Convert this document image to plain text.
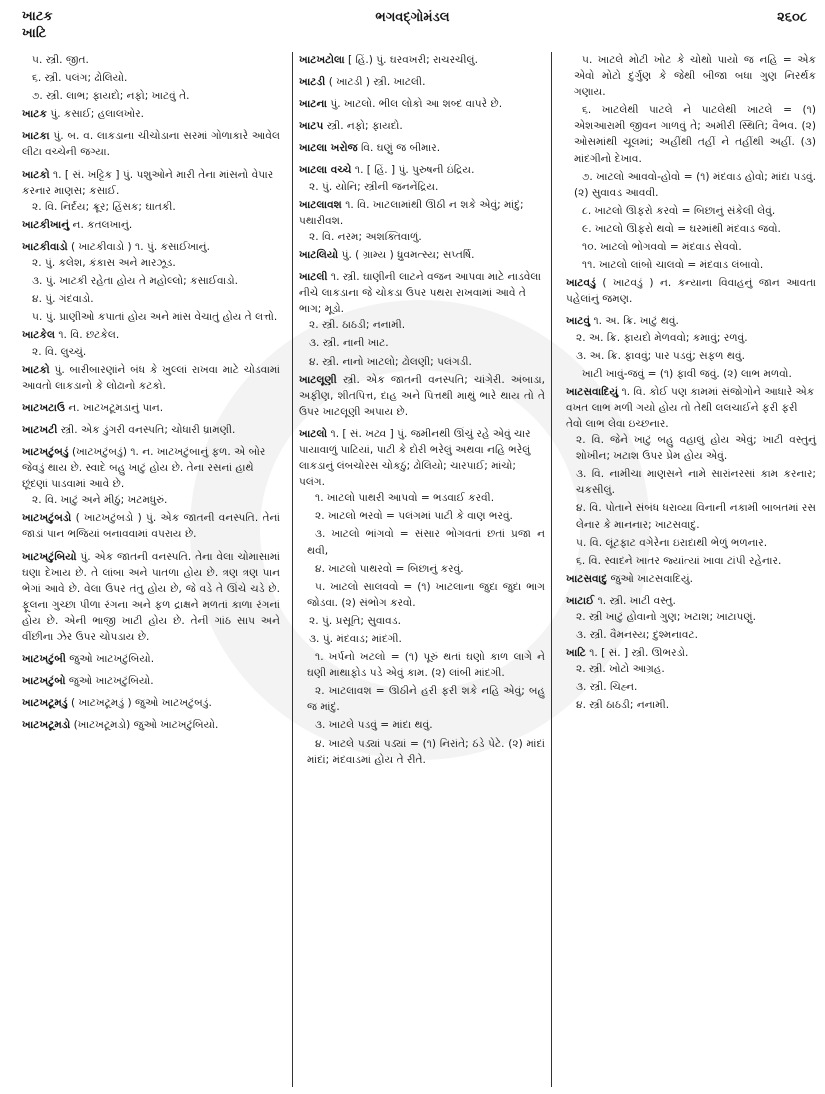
ખાટક
ખાટિ
ભગવદ્ગોમંડલ	૨૬૦૮
૫. સ્ત્રી. જીત.
૬. સ્ત્રી. પલંગ; ઢોલિયો.
૭. સ્ત્રી. લાભ; ફાયદો; નફો; ખાટવું તે.
ખાટક પું. કસાઈ; હલાલખોર.
ખાટકા પું. બ. વ. લાકડાના ચીચોડાના સરમાં ગોળાકારે આવેલ લીટા વચ્ચેની જગ્યા.
ખાટકો ૧. [ સં. ખટ્ટિક ] પું. પશુઓને મારી તેના માંસનો વેપાર કરનાર માણસ; કસાઈ.
૨. વિ. નિર્દય; ક્રૂર; હિંસક; ઘાતકી.
ખાટકીખાનું ન. કતલખાનું.
ખાટકીવાડો ( ખાટકીવાડો ) ૧. પું. કસાઈખાનું.
૨. પું. કલેશ, કંકાસ અને મારઝૂડ.
૩. પું. ખાટકી રહેતા હોય તે મહોલ્લો; કસાઈવાડો.
૪. પું. ગંદવાડો.
૫. પું. પ્રાણીઓ કપાતાં હોય અને માંસ વેચાતું હોય તે લત્તો.
ખાટકેલ ૧. વિ. છટકેલ.
૨. વિ. લુચ્ચું.
ખાટકો પું. બારીબારણાંને બંધ કે ખુલ્લાં રાખવા માટે ચોડવામાં આવતો લાકડાનો કે લોઢાનો કટકો.
ખાટખટાઉ ન. ખાટખટૂમડાનું પાન.
ખાટખટી સ્ત્રી. એક ડુંગરી વનસ્પતિ; ચોધારી ધ્રામણી.
ખાટખટુંબડું (ખાટખટુંબડું) ૧. ન. ખાટખટુંબાનું ફળ. એ બોર જેવડું થાય છે. સ્વાદે બહુ ખાટું હોય છે. તેના રસનાં હાથે છૂંદણાં પાડવામાં આવે છે.
૨. વિ. ખાટું અને મીઠું; ખટમધુરું.
ખાટખટુંબડો ( ખાટખટુંબડો ) પું. એક જાતની વનસ્પતિ. તેનાં જાડાં પાન ભજિયાં બનાવવામાં વપરાય છે.
ખાટખટુંબિયો પું. એક જાતની વનસ્પતિ. તેના વેલા ચોમાસામાં ઘણા દેખાય છે. તે લાંબા અને પાતળા હોય છે. ત્રણ ત્રણ પાન ભેગાં આવે છે. વેલા ઉપર તંતુ હોય છે, જે વડે તે ઊંચે ચડે છે. ફૂલના ગુચ્છા પીળા રંગના અને ફળ દ્રાક્ષને મળતાં કાળા રંગનાં હોય છે. એની ભાજી ખાટી હોય છે. તેની ગાંઠ સાપ અને વીંછીના ઝેર ઉપર ચોપડાય છે.
ખાટખટુંબી જુઓ ખાટખટુંબિયો.
ખાટખટુંબો જુઓ ખાટખટુંબિયો.
ખાટખટૂમડું ( ખાટખટૂમડું ) જુઓ ખાટખટુંબડું.
ખાટખટૂમડો (ખાટખટૂમડો) જુઓ ખાટખટુંબિયો.
ખાટખટોલા [ હિં.) પું. ઘરવખરી; રાચરચીલું.
ખાટડી ( ખાટડી ) સ્ત્રી. ખાટલી.
ખાટના પું. ખાટલો. ભીલ લોકો આ શબ્દ વાપરે છે.
ખાટપ સ્ત્રી. નફો; ફાયદો.
ખાટલા ખરોજ વિ. ઘણું જ બીમાર.
ખાટલા વચ્ચે ૧. [ હિં. ] પું. પુરુષની ઇંદ્રિય.
૨. પું. યોનિ; સ્ત્રીની જનનેંદ્રિય.
ખાટલાવશ ૧. વિ. ખાટલામાંથી ઊઠી ન શકે એવું; માંદું; પથારીવશ.
૨. વિ. નરમ; અશક્તિવાળું.
ખાટલિયો પું. ( ગ્રામ્ય ) ધ્રુવમત્સ્ય; સપ્તર્ષિ.
ખાટલી ૧. સ્ત્રી. ઘાણીની લાટને વજન આપવા માટે નાડવેલા નીચે લાકડાના જે ચોકડા ઉપર પથરા રાખવામાં આવે તે ભાગ; મૂડો.
૨. સ્ત્રી. ઠાઠડી; નનામી.
૩. સ્ત્રી. નાની ખાટ.
૪. સ્ત્રી. નાનો ખાટલો; ઢોલણી; પલંગડી.
ખાટલૂણી સ્ત્રી. એક જાતની વનસ્પતિ; ચાંગેરી. અંબાડા, અફીણ, શીતપિત્ત, દાહ અને પિત્તથી માથું ભારે થાય તો તે ઉપર ખાટલૂણી અપાય છે.
ખાટલો ૧. [ સં. ખટ્વ ] પું. જમીનથી ઊંચું રહે એવું ચાર પાયાવાળું પાટિયાં, પાટી કે દોરી ભરેલું અથવા નહિ ભરેલું લાકડાનું લંબચોરસ ચોકઠું; ઢોલિયો; ચારપાઈ; માંચો; પલંગ.
૧. ખાટલો પાથરી આપવો = ભડવાઈ કરવી.
૨. ખાટલો ભરવો = પલંગમાં પાટી કે વાણ ભરવું.
૩. ખાટલો ભાંગવો = સંસાર ભોગવતાં છતાં પ્રજા ન થવી,
૪. ખાટલો પાથરવો = બિછાનું કરવું.
૫. ખાટલો સાલવવો = (૧) ખાટલાના જુદા જુદા ભાગ જોડવા. (૨) સંભોગ કરવો.
૨. પું. પ્રસૂતિ; સુવાવડ.
૩. પું. મંદવાડ; માંદગી.
૧. ખર્પનો ખટલો = (૧) પૂરું થતાં ઘણો કાળ લાગે ને ઘણી માથાફોડ પડે એવું કામ. (૨) લાંબી માંદગી.
૨. ખાટલાવશ = ઊઠીને હરી ફરી શકે નહિ એવું; બહુ જ માંદું.
૩. ખાટલે પડવું = માંદા થવું.
૪. ખાટલે પડ્યાં પડ્યાં = (૧) નિરાંતે; ઠંડે પેટે. (૨) માંદાં માંદાં; મંદવાડમાં હોય તે રીતે.
૫. ખાટલે મોટી ખોટ કે ચોથો પાયો જ નહિ = એક એવો મોટો દુર્ગુણ કે જેથી બીજા બધા ગુણ નિરર્થક ગણાય.
૬. ખાટલેથી પાટલે ને પાટલેથી ખાટલે = (૧) એશઆરામી જીવન ગાળવું તે; અમીરી સ્થિતિ; વૈભવ. (૨) ઓસમાંથી ચૂલમાં; અહીંથી તહીં ને તહીંથી અહીં. (૩) માંદગીનો દેખાવ.
૭. ખાટલો આવવો-હોવો = (૧) મંદવાડ હોવો; માંદા પડવું. (૨) સુવાવડ આવવી.
૮. ખાટલો ઊફરો કરવો = બિછાનું સંકેલી લેવું.
૯. ખાટલો ઊફરો થવો = ઘરમાંથી મંદવાડ જવો.
૧૦. ખાટલો ભોગવવો = મંદવાડ સેવવો.
૧૧. ખાટલો લાંબો ચાલવો = મંદવાડ લંબાવો.
ખાટવડું ( ખાટવડું ) ન. કન્યાના વિવાહનું જાન આવતા પહેલાંનું જમણ.
ખાટવું ૧. અ. ક્રિ. ખાટું થવું.
૨. અ. ક્રિ. ફાયદો મેળવવો; કમાવું; રળવું.
૩. અ. ક્રિ. ફાવવું; પાર પડવું; સફળ થવું.
ખાટી ખાવું-જવું = (૧) ફાવી જવું. (૨) લાભ મળવો.
ખાટસવાદિયું ૧. વિ. કોઈ પણ કામમાં સંજોગોને આધારે એક વખત લાભ મળી ગયો હોય તો તેથી લલચાઈને ફરી ફરી તેવો લાભ લેવા ઇચ્છનાર.
૨. વિ. જેને ખાટું બહુ વહાલું હોય એવું; ખાટી વસ્તુનું શોખીન; ખટાશ ઉપર પ્રેમ હોય એવું.
૩. વિ. નામીચા માણસને નામે સારાંનરસાં કામ કરનાર; ચકસીલું.
૪. વિ. પોતાને સંબંધ ધરાવ્યા વિનાની નકામી બાબતમાં રસ લેનાર કે માનનાર; ખાટસવાદુ.
૫. વિ. લૂંટફાટ વગેરેના ઇરાદાથી ભેળું ભળનાર.
૬. વિ. સ્વાદને ખાતર જ્યાંત્યાં ખાવા ટાંપી રહેનાર.
ખાટસવાદુ જુઓ ખાટસવાદિયું.
ખાટાઈ ૧. સ્ત્રી. ખાટી વસ્તુ.
૨. સ્ત્રી ખાટું હોવાનો ગુણ; ખટાશ; ખાટાપણું.
૩. સ્ત્રી. વૈમનસ્ય; દુશ્મનાવટ.
ખાટિ ૧. [ સં. ] સ્ત્રી. ઊભરડો.
૨. સ્ત્રી. ખોટો આગ્રહ.
૩. સ્ત્રી. ચિહ્ન.
૪. સ્ત્રી ઠાઠડી; નનામી.
